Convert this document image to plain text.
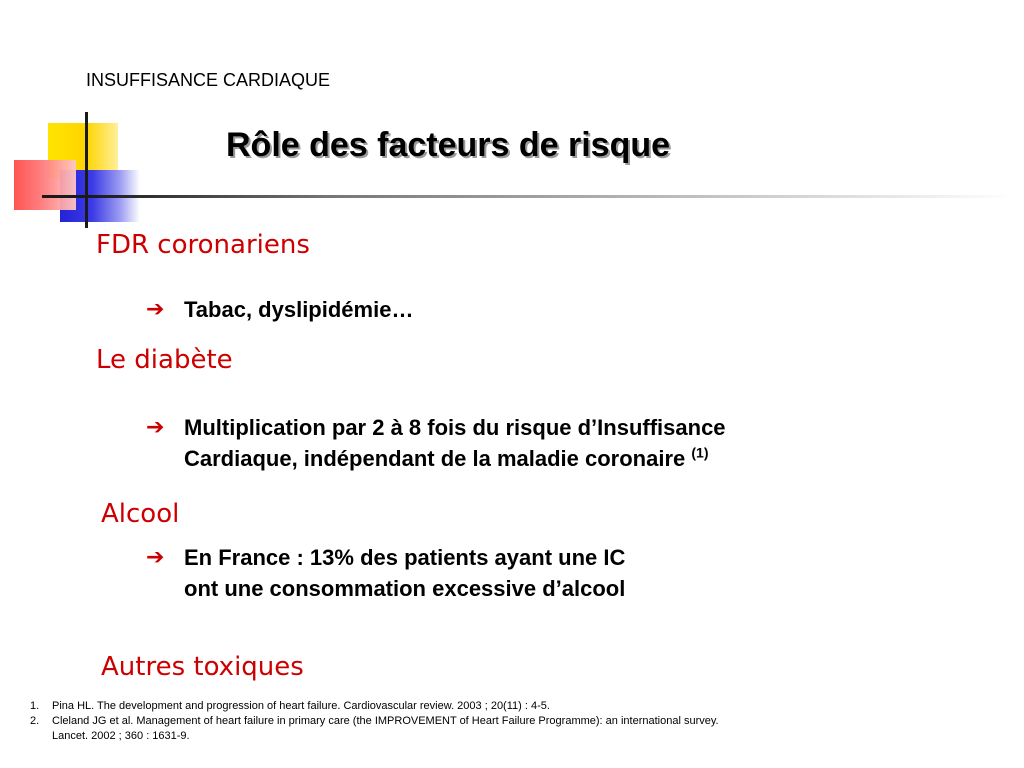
INSUFFISANCE CARDIAQUE
Rôle des facteurs de risque
FDR coronariens
➔ Tabac, dyslipidémie…
Le diabète
➔ Multiplication par 2 à 8 fois du risque d’Insuffisance
Cardiaque, indépendant de la maladie coronaire $^{(1)}$
Alcool
➔ En France : 13% des patients ayant une IC
ont une consommation excessive d’alcool
Autres toxiques
1.	Pina HL. The development and progression of heart failure. Cardiovascular review. 2003 ; 20(11) : 4-5.
2.	Cleland JG et al. Management of heart failure in primary care (the IMPROVEMENT of Heart Failure Programme): an international survey.
Lancet. 2002 ; 360 : 1631-9.
